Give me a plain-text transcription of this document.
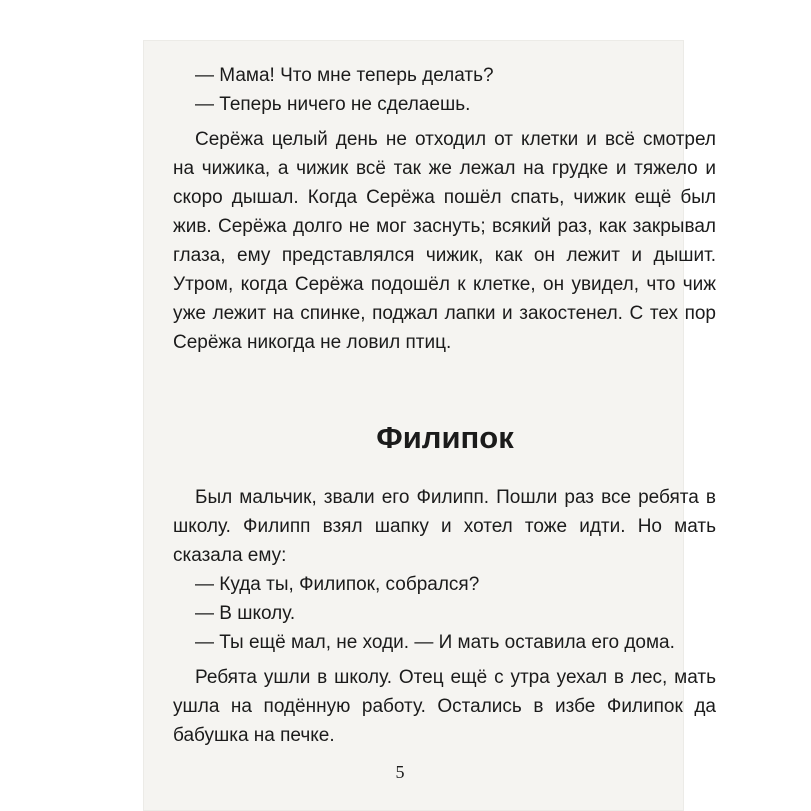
— Мама! Что мне теперь делать?

— Теперь ничего не сделаешь.

Серёжа целый день не отходил от клетки и всё смотрел на чижика, а чижик всё так же лежал на грудке и тяжело и скоро дышал. Когда Серёжа пошёл спать, чижик ещё был жив. Серёжа долго не мог заснуть; всякий раз, как закрывал глаза, ему представлялся чижик, как он лежит и дышит. Утром, когда Серёжа подошёл к клетке, он увидел, что чиж уже лежит на спинке, поджал лапки и закостенел. С тех пор Серёжа никогда не ловил птиц.

Филипок

Был мальчик, звали его Филипп. Пошли раз все ребята в школу. Филипп взял шапку и хотел тоже идти. Но мать сказала ему:

— Куда ты, Филипок, собрался?

— В школу.

— Ты ещё мал, не ходи. — И мать оставила его дома.

Ребята ушли в школу. Отец ещё с утра уехал в лес, мать ушла на подённую работу. Остались в избе Филипок да бабушка на печке.

5
